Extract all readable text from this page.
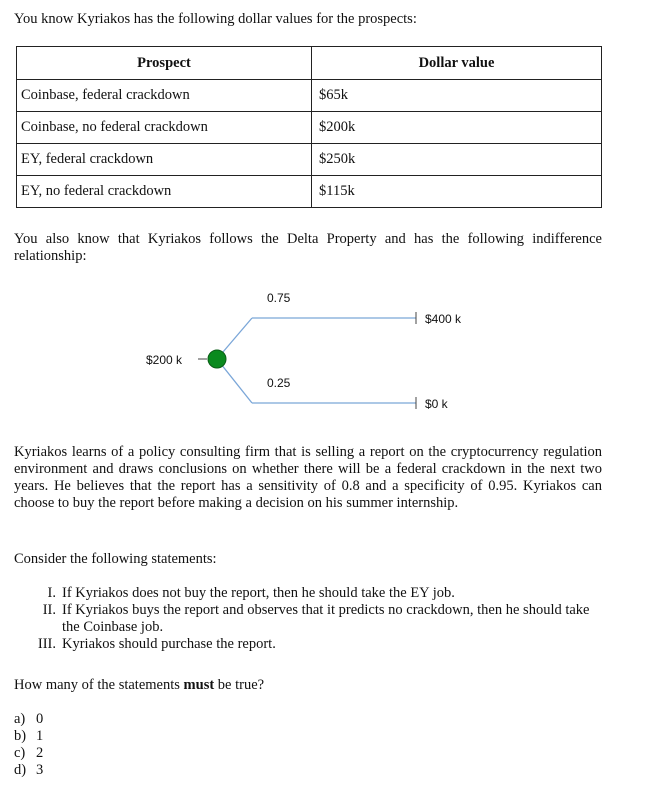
You know Kyriakos has the following dollar values for the prospects:
Prospect	Dollar value
Coinbase, federal crackdown	$65k
Coinbase, no federal crackdown	$200k
EY, federal crackdown	$250k
EY, no federal crackdown	$115k
You also know that Kyriakos follows the Delta Property and has the following indifference relationship:
$200 k
0.75
0.25
$400 k
$0 k
Kyriakos learns of a policy consulting firm that is selling a report on the cryptocurrency regulation environment and draws conclusions on whether there will be a federal crackdown in the next two years. He believes that the report has a sensitivity of 0.8 and a specificity of 0.95. Kyriakos can choose to buy the report before making a decision on his summer internship.
Consider the following statements:
I. If Kyriakos does not buy the report, then he should take the EY job.
II. If Kyriakos buys the report and observes that it predicts no crackdown, then he should take the Coinbase job.
III. Kyriakos should purchase the report.
How many of the statements must be true?
a) 0
b) 1
c) 2
d) 3
